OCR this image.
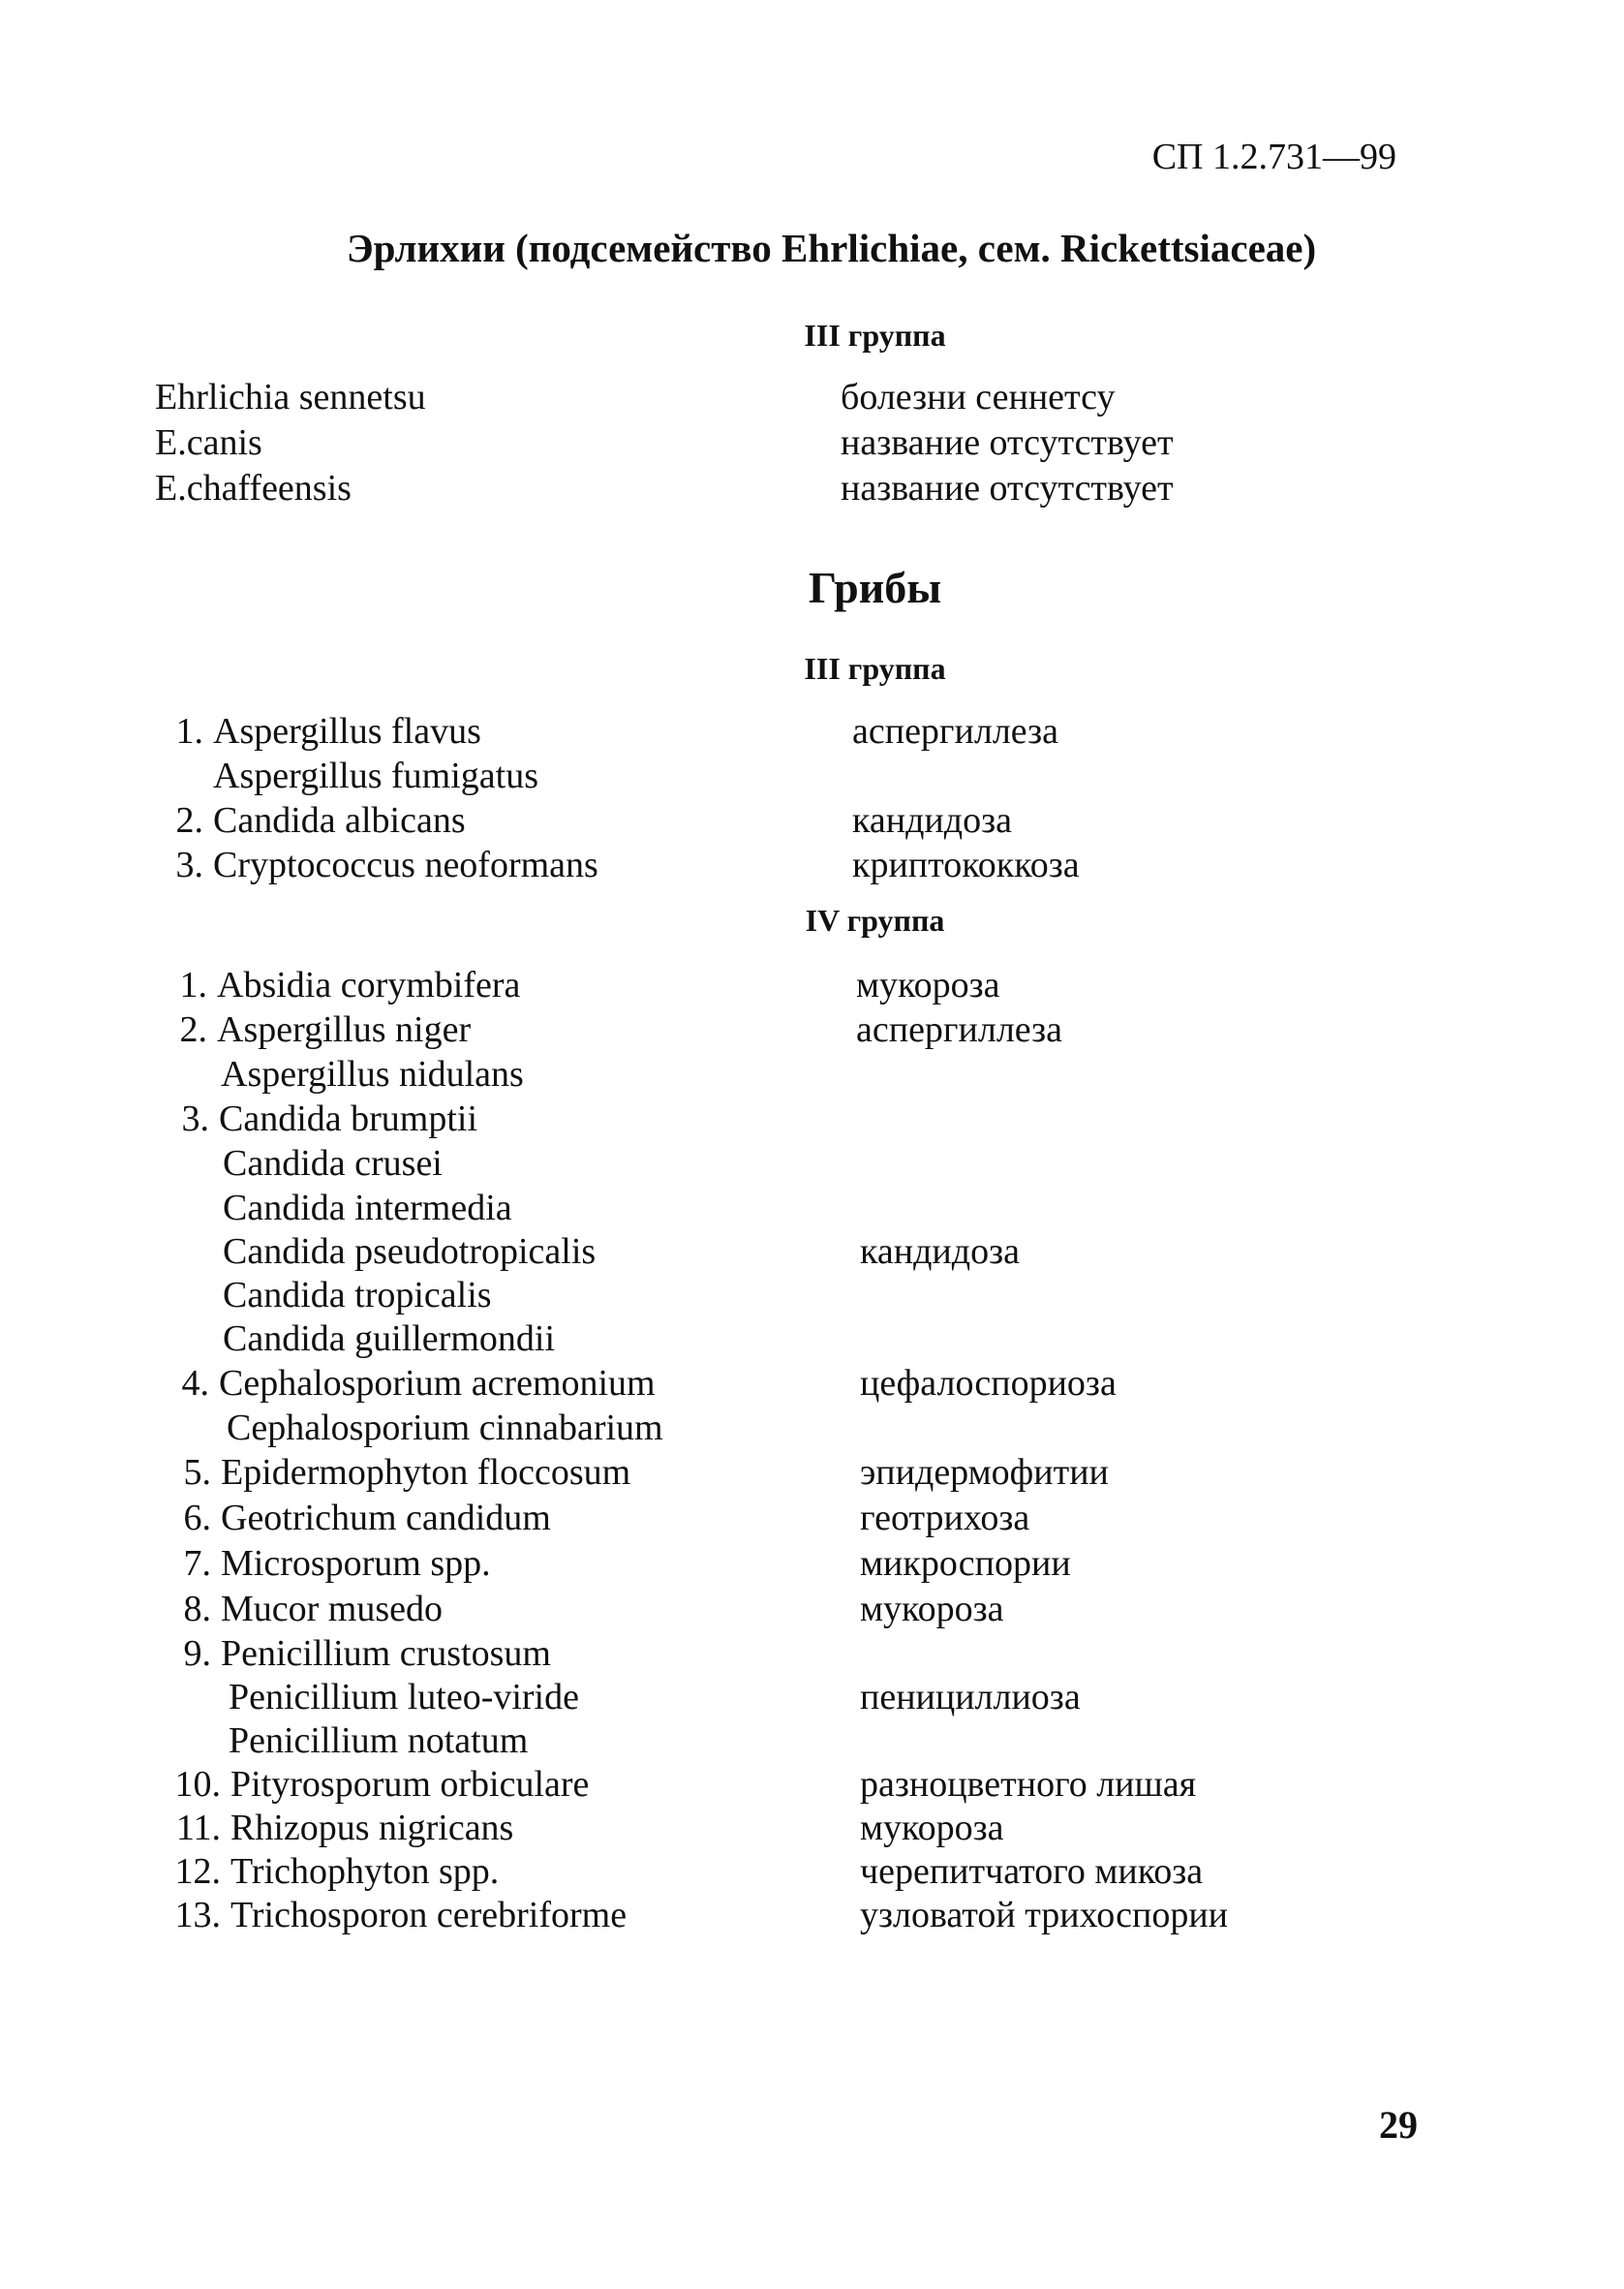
СП 1.2.731—99
Эрлихии (подсемейство Ehrlichiae, сем. Rickettsiaceae)
III группа
Ehrlichia sennetsu	болезни сеннетсу
E.canis	название отсутствует
E.chaffeensis	название отсутствует
Грибы
III группа
1. Aspergillus flavus	аспергиллеза
Aspergillus fumigatus
2. Candida albicans	кандидоза
3. Cryptococcus neoformans	криптококкоза
IV группа
1. Absidia corymbifera	мукороза
2. Aspergillus niger	аспергиллеза
Aspergillus nidulans
3. Candida brumptii
Candida crusei
Candida intermedia
Candida pseudotropicalis	кандидоза
Candida tropicalis
Candida guillermondii
4. Cephalosporium acremonium	цефалоспориоза
Cephalosporium cinnabarium
5. Epidermophyton floccosum	эпидермофитии
6. Geotrichum candidum	геотрихоза
7. Microsporum spp.	микроспории
8. Mucor musedo	мукороза
9. Penicillium crustosum
Penicillium luteo-viride	пенициллиоза
Penicillium notatum
10. Pityrosporum orbiculare	разноцветного лишая
11. Rhizopus nigricans	мукороза
12. Trichophyton spp.	черепитчатого микоза
13. Trichosporon cerebriforme	узловатой трихоспории
29
